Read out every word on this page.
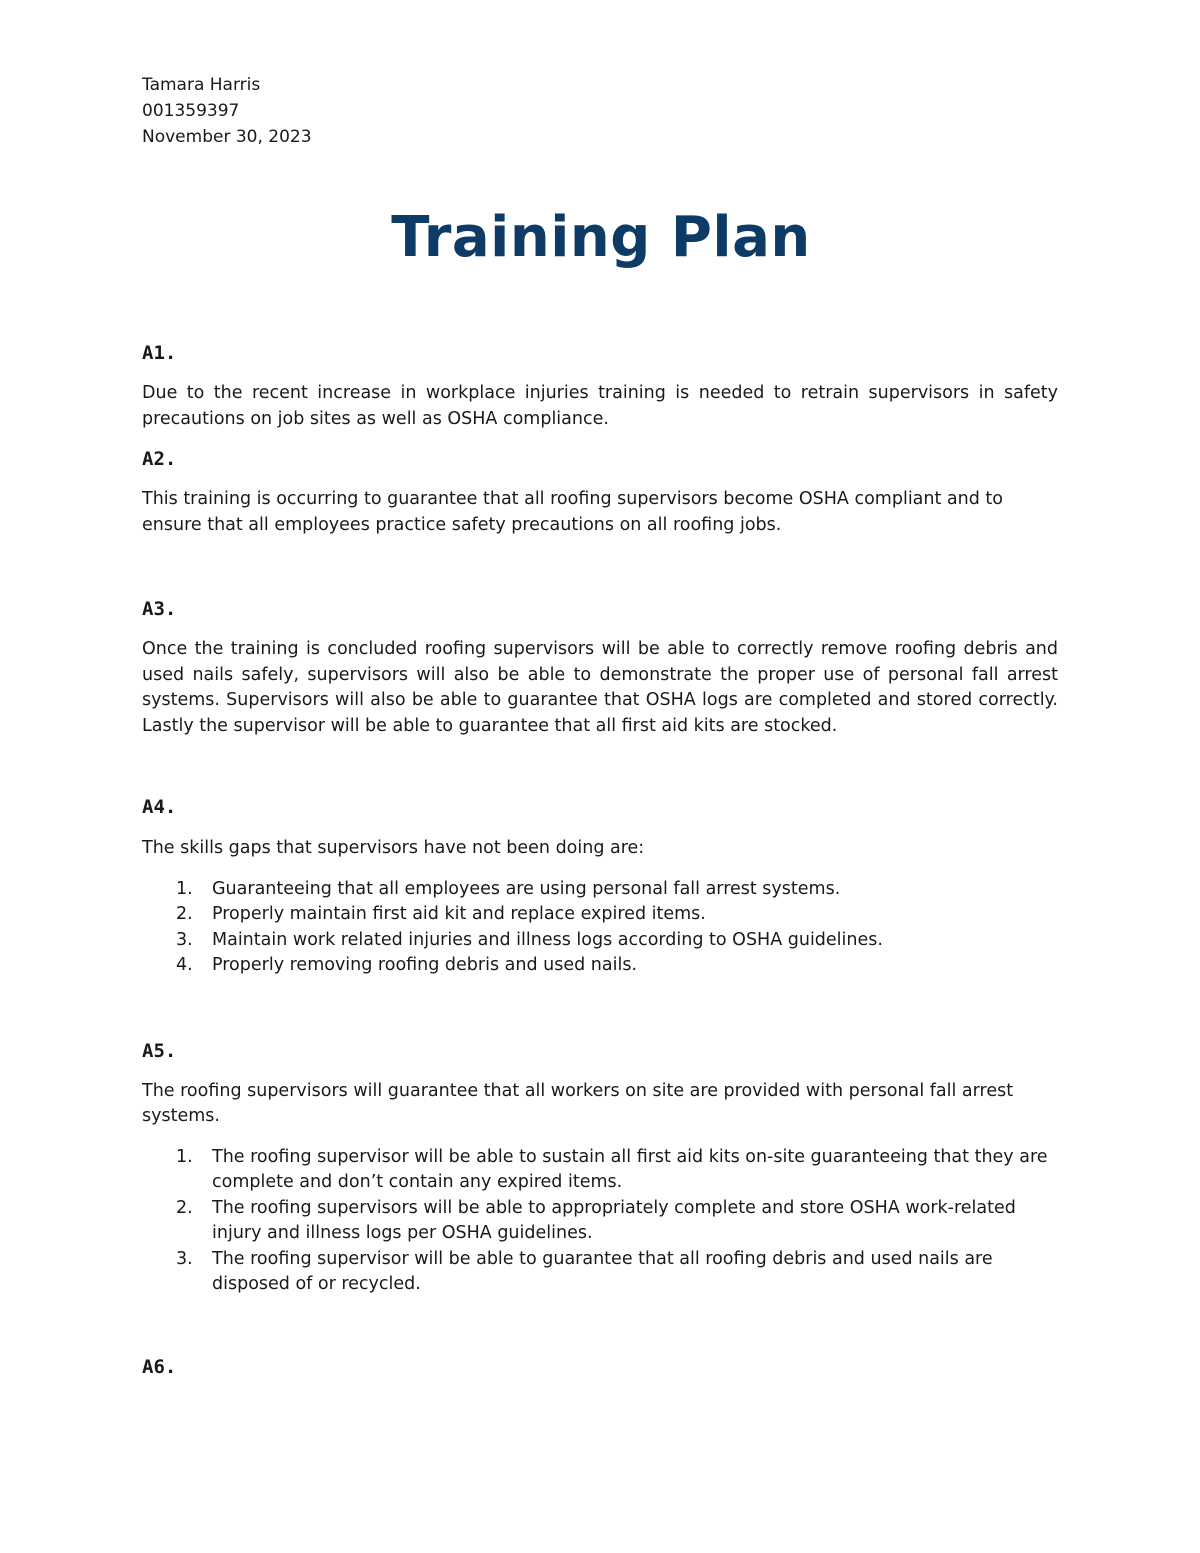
Tamara Harris

001359397

November 30, 2023

Training Plan
A1.

Due to the recent increase in workplace injuries training is needed to retrain supervisors in safety precautions on job sites as well as OSHA compliance.

A2.

This training is occurring to guarantee that all roofing supervisors become OSHA compliant and to ensure that all employees practice safety precautions on all roofing jobs.

A3.

Once the training is concluded roofing supervisors will be able to correctly remove roofing debris and used nails safely, supervisors will also be able to demonstrate the proper use of personal fall arrest systems. Supervisors will also be able to guarantee that OSHA logs are completed and stored correctly. Lastly the supervisor will be able to guarantee that all first aid kits are stocked.

A4.

The skills gaps that supervisors have not been doing are:

1. Guaranteeing that all employees are using personal fall arrest systems.
2. Properly maintain first aid kit and replace expired items.
3. Maintain work related injuries and illness logs according to OSHA guidelines.
4. Properly removing roofing debris and used nails.
A5.

The roofing supervisors will guarantee that all workers on site are provided with personal fall arrest systems.

1. The roofing supervisor will be able to sustain all first aid kits on-site guaranteeing that they are complete and don’t contain any expired items.
2. The roofing supervisors will be able to appropriately complete and store OSHA work-related injury and illness logs per OSHA guidelines.
3. The roofing supervisor will be able to guarantee that all roofing debris and used nails are disposed of or recycled.
A6.
